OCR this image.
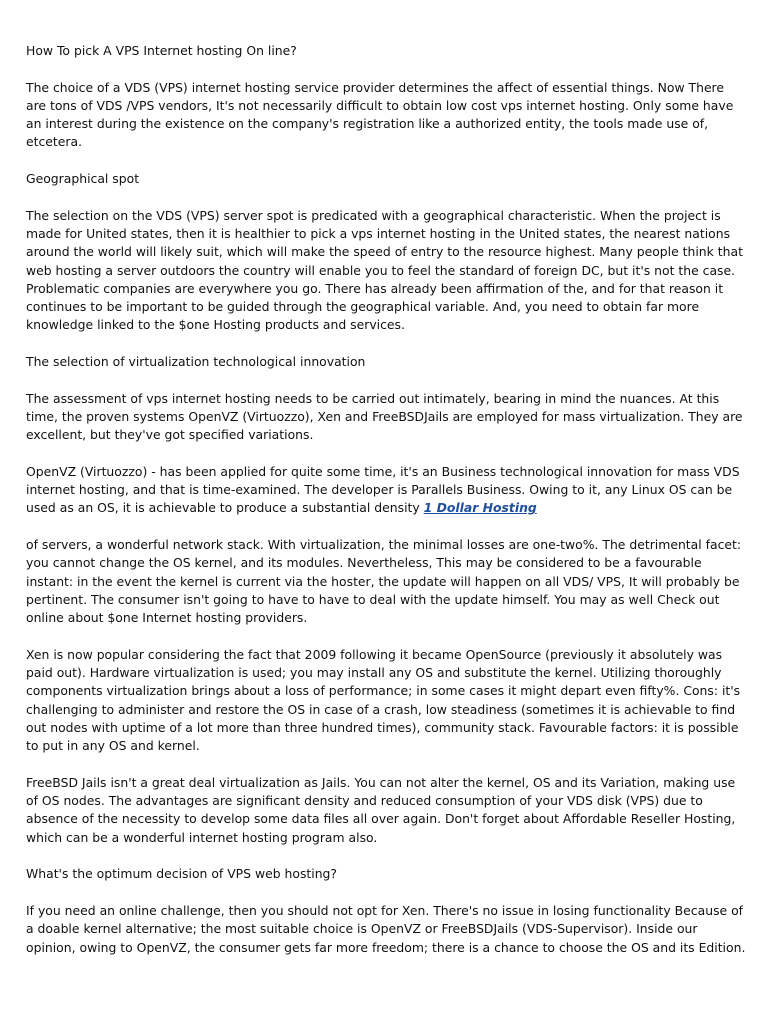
How To pick A VPS Internet hosting On line?

The choice of a VDS (VPS) internet hosting service provider determines the affect of essential things. Now There are tons of VDS /VPS vendors, It's not necessarily difficult to obtain low cost vps internet hosting. Only some have an interest during the existence on the company's registration like a authorized entity, the tools made use of, etcetera.

Geographical spot

The selection on the VDS (VPS) server spot is predicated with a geographical characteristic. When the project is made for United states, then it is healthier to pick a vps internet hosting in the United states, the nearest nations around the world will likely suit, which will make the speed of entry to the resource highest. Many people think that web hosting a server outdoors the country will enable you to feel the standard of foreign DC, but it's not the case. Problematic companies are everywhere you go. There has already been affirmation of the, and for that reason it continues to be important to be guided through the geographical variable. And, you need to obtain far more knowledge linked to the $one Hosting products and services.

The selection of virtualization technological innovation

The assessment of vps internet hosting needs to be carried out intimately, bearing in mind the nuances. At this time, the proven systems OpenVZ (Virtuozzo), Xen and FreeBSDJails are employed for mass virtualization. They are excellent, but they've got specified variations.

OpenVZ (Virtuozzo) - has been applied for quite some time, it's an Business technological innovation for mass VDS internet hosting, and that is time-examined. The developer is Parallels Business. Owing to it, any Linux OS can be used as an OS, it is achievable to produce a substantial density 1 Dollar Hosting

of servers, a wonderful network stack. With virtualization, the minimal losses are one-two%. The detrimental facet: you cannot change the OS kernel, and its modules. Nevertheless, This may be considered to be a favourable instant: in the event the kernel is current via the hoster, the update will happen on all VDS/ VPS, It will probably be pertinent. The consumer isn't going to have to have to deal with the update himself. You may as well Check out online about $one Internet hosting providers.

Xen is now popular considering the fact that 2009 following it became OpenSource (previously it absolutely was paid out). Hardware virtualization is used; you may install any OS and substitute the kernel. Utilizing thoroughly components virtualization brings about a loss of performance; in some cases it might depart even fifty%. Cons: it's challenging to administer and restore the OS in case of a crash, low steadiness (sometimes it is achievable to find out nodes with uptime of a lot more than three hundred times), community stack. Favourable factors: it is possible to put in any OS and kernel.

FreeBSD Jails isn't a great deal virtualization as Jails. You can not alter the kernel, OS and its Variation, making use of OS nodes. The advantages are significant density and reduced consumption of your VDS disk (VPS) due to absence of the necessity to develop some data files all over again. Don't forget about Affordable Reseller Hosting, which can be a wonderful internet hosting program also.

What's the optimum decision of VPS web hosting?

If you need an online challenge, then you should not opt for Xen. There's no issue in losing functionality Because of a doable kernel alternative; the most suitable choice is OpenVZ or FreeBSDJails (VDS-Supervisor). Inside our opinion, owing to OpenVZ, the consumer gets far more freedom; there is a chance to choose the OS and its Edition.
